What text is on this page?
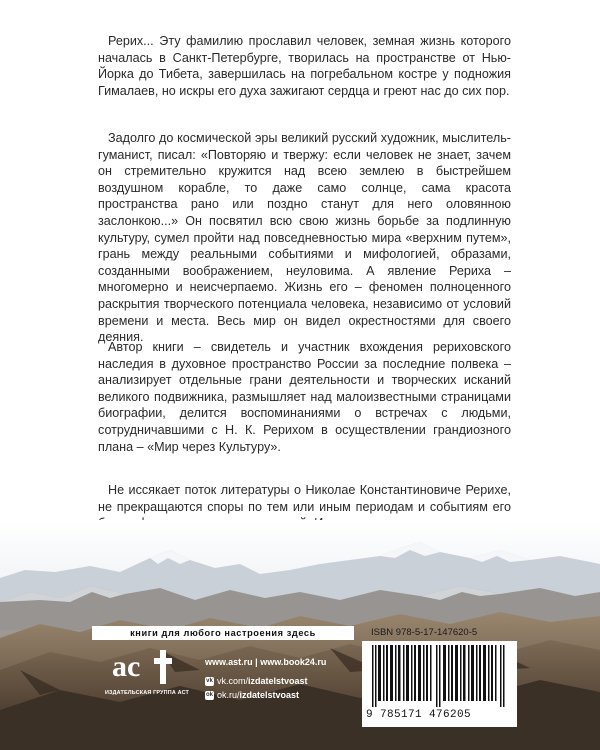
Рерих... Эту фамилию прославил человек, земная жизнь которого началась в Санкт-Петербурге, творилась на пространстве от Нью-Йорка до Тибета, завершилась на погребальном костре у подножия Гималаев, но искры его духа зажигают сердца и греют нас до сих пор.

Задолго до космической эры великий русский художник, мыслитель-гуманист, писал: «Повторяю и твержу: если человек не знает, зачем он стремительно кружится над всею землею в быстрейшем воздушном корабле, то даже само солнце, сама красота пространства рано или поздно станут для него оловянною заслонкою...» Он посвятил всю свою жизнь борьбе за подлинную культуру, сумел пройти над повседневностью мира «верхним путем», грань между реальными событиями и мифологией, образами, созданными воображением, неуловима. А явление Рериха – многомерно и неисчерпаемо. Жизнь его – феномен полноценного раскрытия творческого потенциала человека, независимо от условий времени и места. Весь мир он видел окрестностями для своего деяния.

Автор книги – свидетель и участник вхождения рериховского наследия в духовное пространство России за последние полвека – анализирует отдельные грани деятельности и творческих исканий великого подвижника, размышляет над малоизвестными страницами биографии, делится воспоминаниями о встречах с людьми, сотрудничавшими с Н. К. Рерихом в осуществлении грандиозного плана – «Мир через Культуру».

Не иссякает поток литературы о Николае Константиновиче Рерихе, не прекращаются споры по тем или иным периодам и событиям его

книги для любого настроения здесь	ISBN 978-5-17-147620-5
9 785171 476205
ас
ИЗДАТЕЛЬСКАЯ ГРУППА АСТ
www.ast.ru | www.book24.ru
vk vk.com/izdatelstvoast
ok ok.ru/izdatelstvoast
